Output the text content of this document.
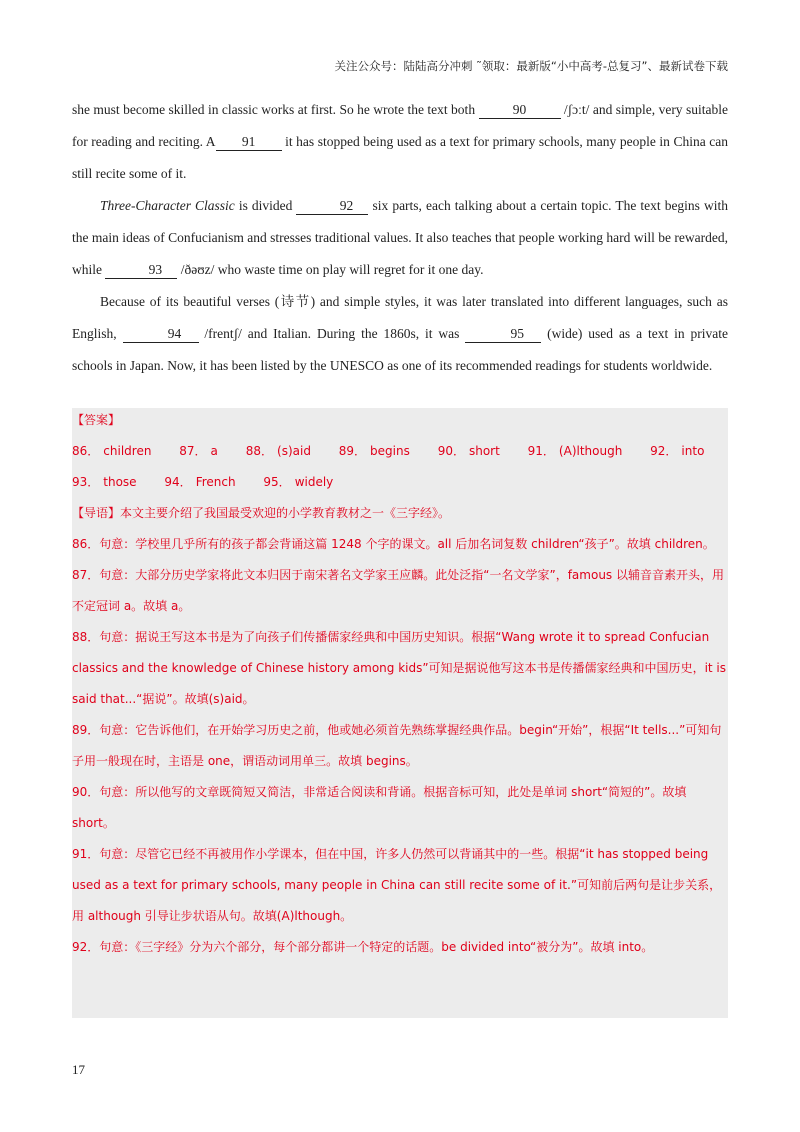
关注公众号：陆陆高分冲刺 ˜领取：最新版“小中高考-总复习”、最新试卷下载

she must become skilled in classic works at first. So he wrote the text both	90	/ʃɔːt/ and simple, very suitable for reading and reciting. A 91 it has stopped being used as a text for primary schools, many people in China can still recite some of it.

Three-Character Classic is divided	92 six parts, each talking about a certain topic. The text begins with the main ideas of Confucianism and stresses traditional values. It also teaches that people working hard will be rewarded, while	93 /ðəʊz/ who waste time on play will regret for it one day.

Because of its beautiful verses (诗节) and simple styles, it was later translated into different languages, such as English,	94 /frentʃ/ and Italian. During the 1860s, it was	95 (wide) used as a text in private schools in Japan. Now, it has been listed by the UNESCO as one of its recommended readings for students worldwide.

【答案】
86． children 87． a 88． (s)aid 89． begins 90． short 91． (A)lthough 92． into
93． those 94． French 95． widely
【导语】本文主要介绍了我国最受欢迎的小学教育教材之一《三字经》。
86．句意：学校里几乎所有的孩子都会背诵这篇 1248 个字的课文。all 后加名词复数 children“孩子”。故填 children。
87．句意：大部分历史学家将此文本归因于南宋著名文学家王应麟。此处泛指“一名文学家”，famous 以辅音音素开头，用不定冠词 a。故填 a。
88．句意：据说王写这本书是为了向孩子们传播儒家经典和中国历史知识。根据“Wang wrote it to spread Confucian classics and the knowledge of Chinese history among kids”可知是据说他写这本书是传播儒家经典和中国历史，it is said that...“据说”。故填(s)aid。
89．句意：它告诉他们，在开始学习历史之前，他或她必须首先熟练掌握经典作品。begin“开始”，根据“It tells...”可知句子用一般现在时，主语是 one，谓语动词用单三。故填 begins。
90．句意：所以他写的文章既简短又简洁，非常适合阅读和背诵。根据音标可知，此处是单词 short“简短的”。故填 short。
91．句意：尽管它已经不再被用作小学课本，但在中国，许多人仍然可以背诵其中的一些。根据“it has stopped being used as a text for primary schools, many people in China can still recite some of it.”可知前后两句是让步关系，用 although 引导让步状语从句。故填(A)lthough。
92．句意：《三字经》分为六个部分，每个部分都讲一个特定的话题。be divided into“被分为”。故填 into。
17
